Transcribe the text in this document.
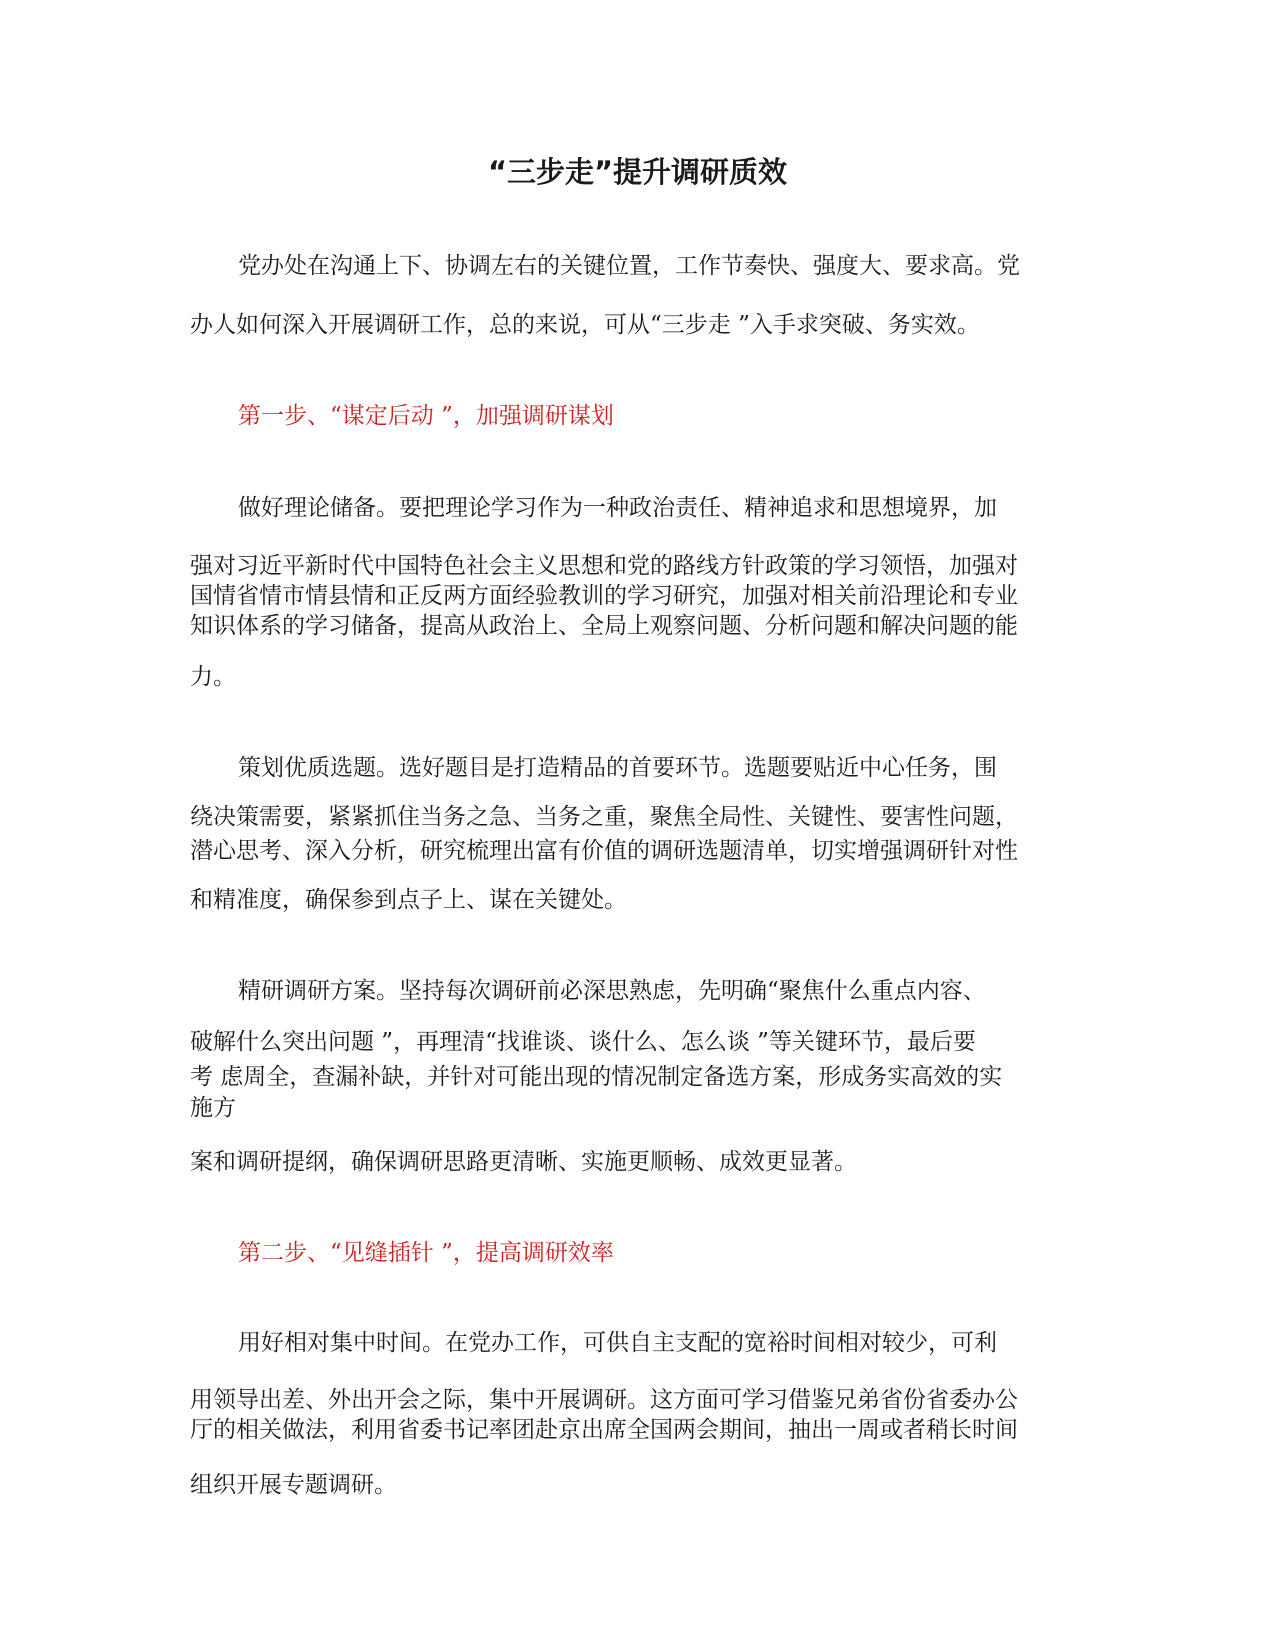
“三步走”提升调研质效

党办处在沟通上下、协调左右的关键位置，工作节奏快、强度大、要求高。党

办人如何深入开展调研工作，总的来说，可从“三步走 ”入手求突破、务实效。

第一步、“谋定后动 ”，加强调研谋划

做好理论储备。要把理论学习作为一种政治责任、精神追求和思想境界，加

强对习近平新时代中国特色社会主义思想和党的路线方针政策的学习领悟，加强对

国情省情市情县情和正反两方面经验教训的学习研究，加强对相关前沿理论和专业

知识体系的学习储备，提高从政治上、全局上观察问题、分析问题和解决问题的能

力。

策划优质选题。选好题目是打造精品的首要环节。选题要贴近中心任务，围

绕决策需要，紧紧抓住当务之急、当务之重，聚焦全局性、关键性、要害性问题，

潜心思考、深入分析，研究梳理出富有价值的调研选题清单，切实增强调研针对性

和精准度，确保参到点子上、谋在关键处。

精研调研方案。坚持每次调研前必深思熟虑，先明确“聚焦什么重点内容、

破解什么突出问题 ”，再理清“找谁谈、谈什么、怎么谈 ”等关键环节，最后要

考 虑周全，查漏补缺，并针对可能出现的情况制定备选方案，形成务实高效的实

施方

案和调研提纲，确保调研思路更清晰、实施更顺畅、成效更显著。

第二步、“见缝插针 ”，提高调研效率

用好相对集中时间。在党办工作，可供自主支配的宽裕时间相对较少，可利

用领导出差、外出开会之际，集中开展调研。这方面可学习借鉴兄弟省份省委办公

厅的相关做法，利用省委书记率团赴京出席全国两会期间，抽出一周或者稍长时间

组织开展专题调研。
